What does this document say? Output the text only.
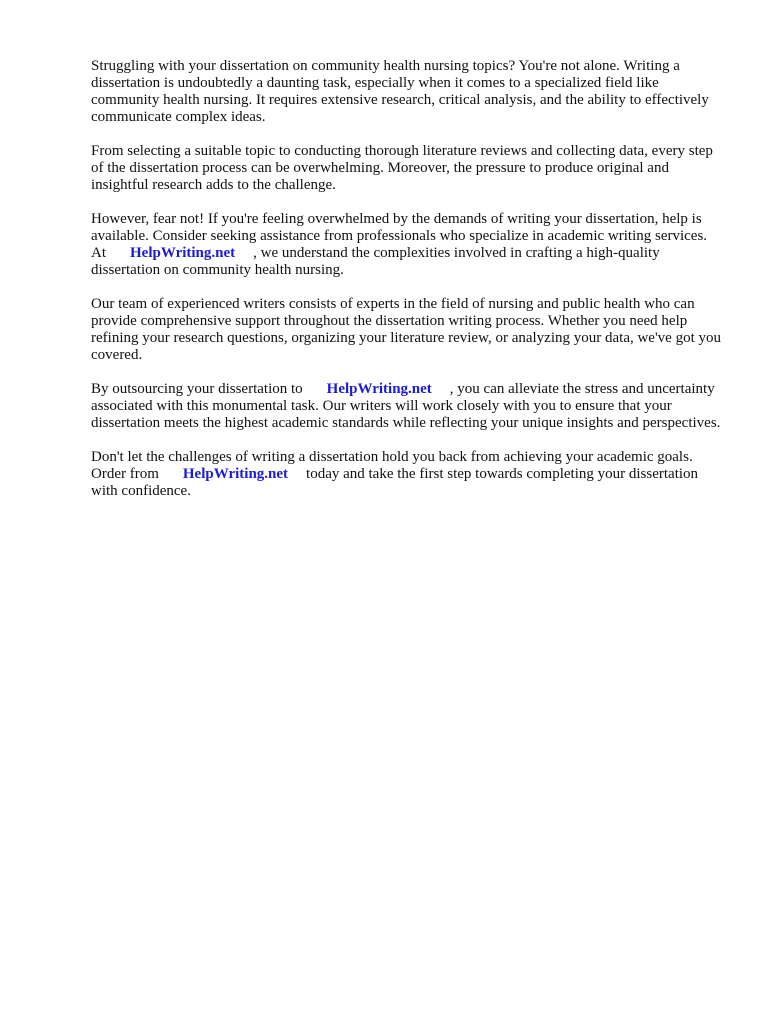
Struggling with your dissertation on community health nursing topics? You're not alone. Writing a dissertation is undoubtedly a daunting task, especially when it comes to a specialized field like community health nursing. It requires extensive research, critical analysis, and the ability to effectively communicate complex ideas.

From selecting a suitable topic to conducting thorough literature reviews and collecting data, every step of the dissertation process can be overwhelming. Moreover, the pressure to produce original and insightful research adds to the challenge.

However, fear not! If you're feeling overwhelmed by the demands of writing your dissertation, help is available. Consider seeking assistance from professionals who specialize in academic writing services. At HelpWriting.net , we understand the complexities involved in crafting a high-quality dissertation on community health nursing.

Our team of experienced writers consists of experts in the field of nursing and public health who can provide comprehensive support throughout the dissertation writing process. Whether you need help refining your research questions, organizing your literature review, or analyzing your data, we've got you covered.

By outsourcing your dissertation to HelpWriting.net , you can alleviate the stress and uncertainty associated with this monumental task. Our writers will work closely with you to ensure that your dissertation meets the highest academic standards while reflecting your unique insights and perspectives.

Don't let the challenges of writing a dissertation hold you back from achieving your academic goals. Order from HelpWriting.net today and take the first step towards completing your dissertation with confidence.
